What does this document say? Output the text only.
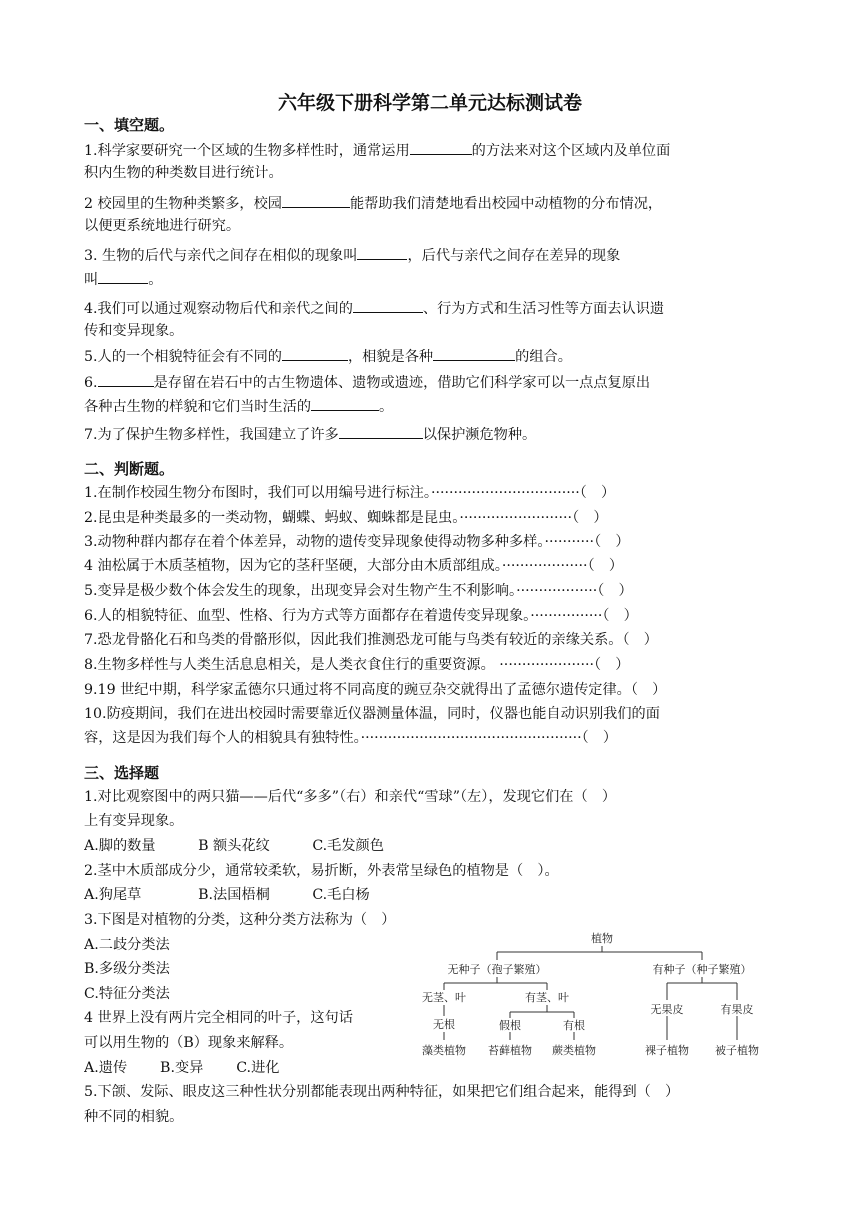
六年级下册科学第二单元达标测试卷
一、填空题。
1.科学家要研究一个区域的生物多样性时，通常运用	的方法来对这个区域内及单位面
积内生物的种类数目进行统计。
2 校园里的生物种类繁多，校园	能帮助我们清楚地看出校园中动植物的分布情况，
以便更系统地进行研究。
3. 生物的后代与亲代之间存在相似的现象叫	，后代与亲代之间存在差异的现象
叫	。
4.我们可以通过观察动物后代和亲代之间的	、行为方式和生活习性等方面去认识遗
传和变异现象。
5.人的一个相貌特征会有不同的	，相貌是各种	的组合。
6.	是存留在岩石中的古生物遗体、遗物或遗迹，借助它们科学家可以一点点复原出
各种古生物的样貌和它们当时生活的	。
7.为了保护生物多样性，我国建立了许多	以保护濒危物种。
二、判断题。
1.在制作校园生物分布图时，我们可以用编号进行标注。·································（　）
2.昆虫是种类最多的一类动物，蝴蝶、蚂蚁、蜘蛛都是昆虫。·························（　）
3.动物种群内都存在着个体差异，动物的遗传变异现象使得动物多种多样。···········（　）
4 油松属于木质茎植物，因为它的茎秆坚硬，大部分由木质部组成。···················（　）
5.变异是极少数个体会发生的现象，出现变异会对生物产生不利影响。··················（　）
6.人的相貌特征、血型、性格、行为方式等方面都存在着遗传变异现象。················（　）
7.恐龙骨骼化石和鸟类的骨骼形似，因此我们推测恐龙可能与鸟类有较近的亲缘关系。（　）
8.生物多样性与人类生活息息相关，是人类衣食住行的重要资源。 ·····················（　）
9.19 世纪中期，科学家孟德尔只通过将不同高度的豌豆杂交就得出了孟德尔遗传定律。（　）
10.防疫期间，我们在进出校园时需要靠近仪器测量体温，同时，仪器也能自动识别我们的面
容，这是因为我们每个人的相貌具有独特性。·················································（　）
三、选择题
1.对比观察图中的两只猫——后代“多多”（右）和亲代“雪球”（左），发现它们在（　）
上有变异现象。
A.脚的数量　　　B 额头花纹　　　C.毛发颜色
2.茎中木质部成分少，通常较柔软，易折断，外表常呈绿色的植物是（　）。
A.狗尾草　　　　B.法国梧桐　　　C.毛白杨
3.下图是对植物的分类，这种分类方法称为（　）
A.二歧分类法
B.多级分类法
C.特征分类法
4 世界上没有两片完全相同的叶子，这句话
可以用生物的（B）现象来解释。
A.遗传　　 B.变异　　 C.进化
5.下颌、发际、眼皮这三种性状分别都能表现出两种特征，如果把它们组合起来，能得到（　）
种不同的相貌。
植物
无种子（孢子繁殖）	有种子（种子繁殖）
无茎、叶	有茎、叶
无果皮	有果皮
无根	假根	有根
藻类植物 苔藓植物 蕨类植物	裸子植物 被子植物
